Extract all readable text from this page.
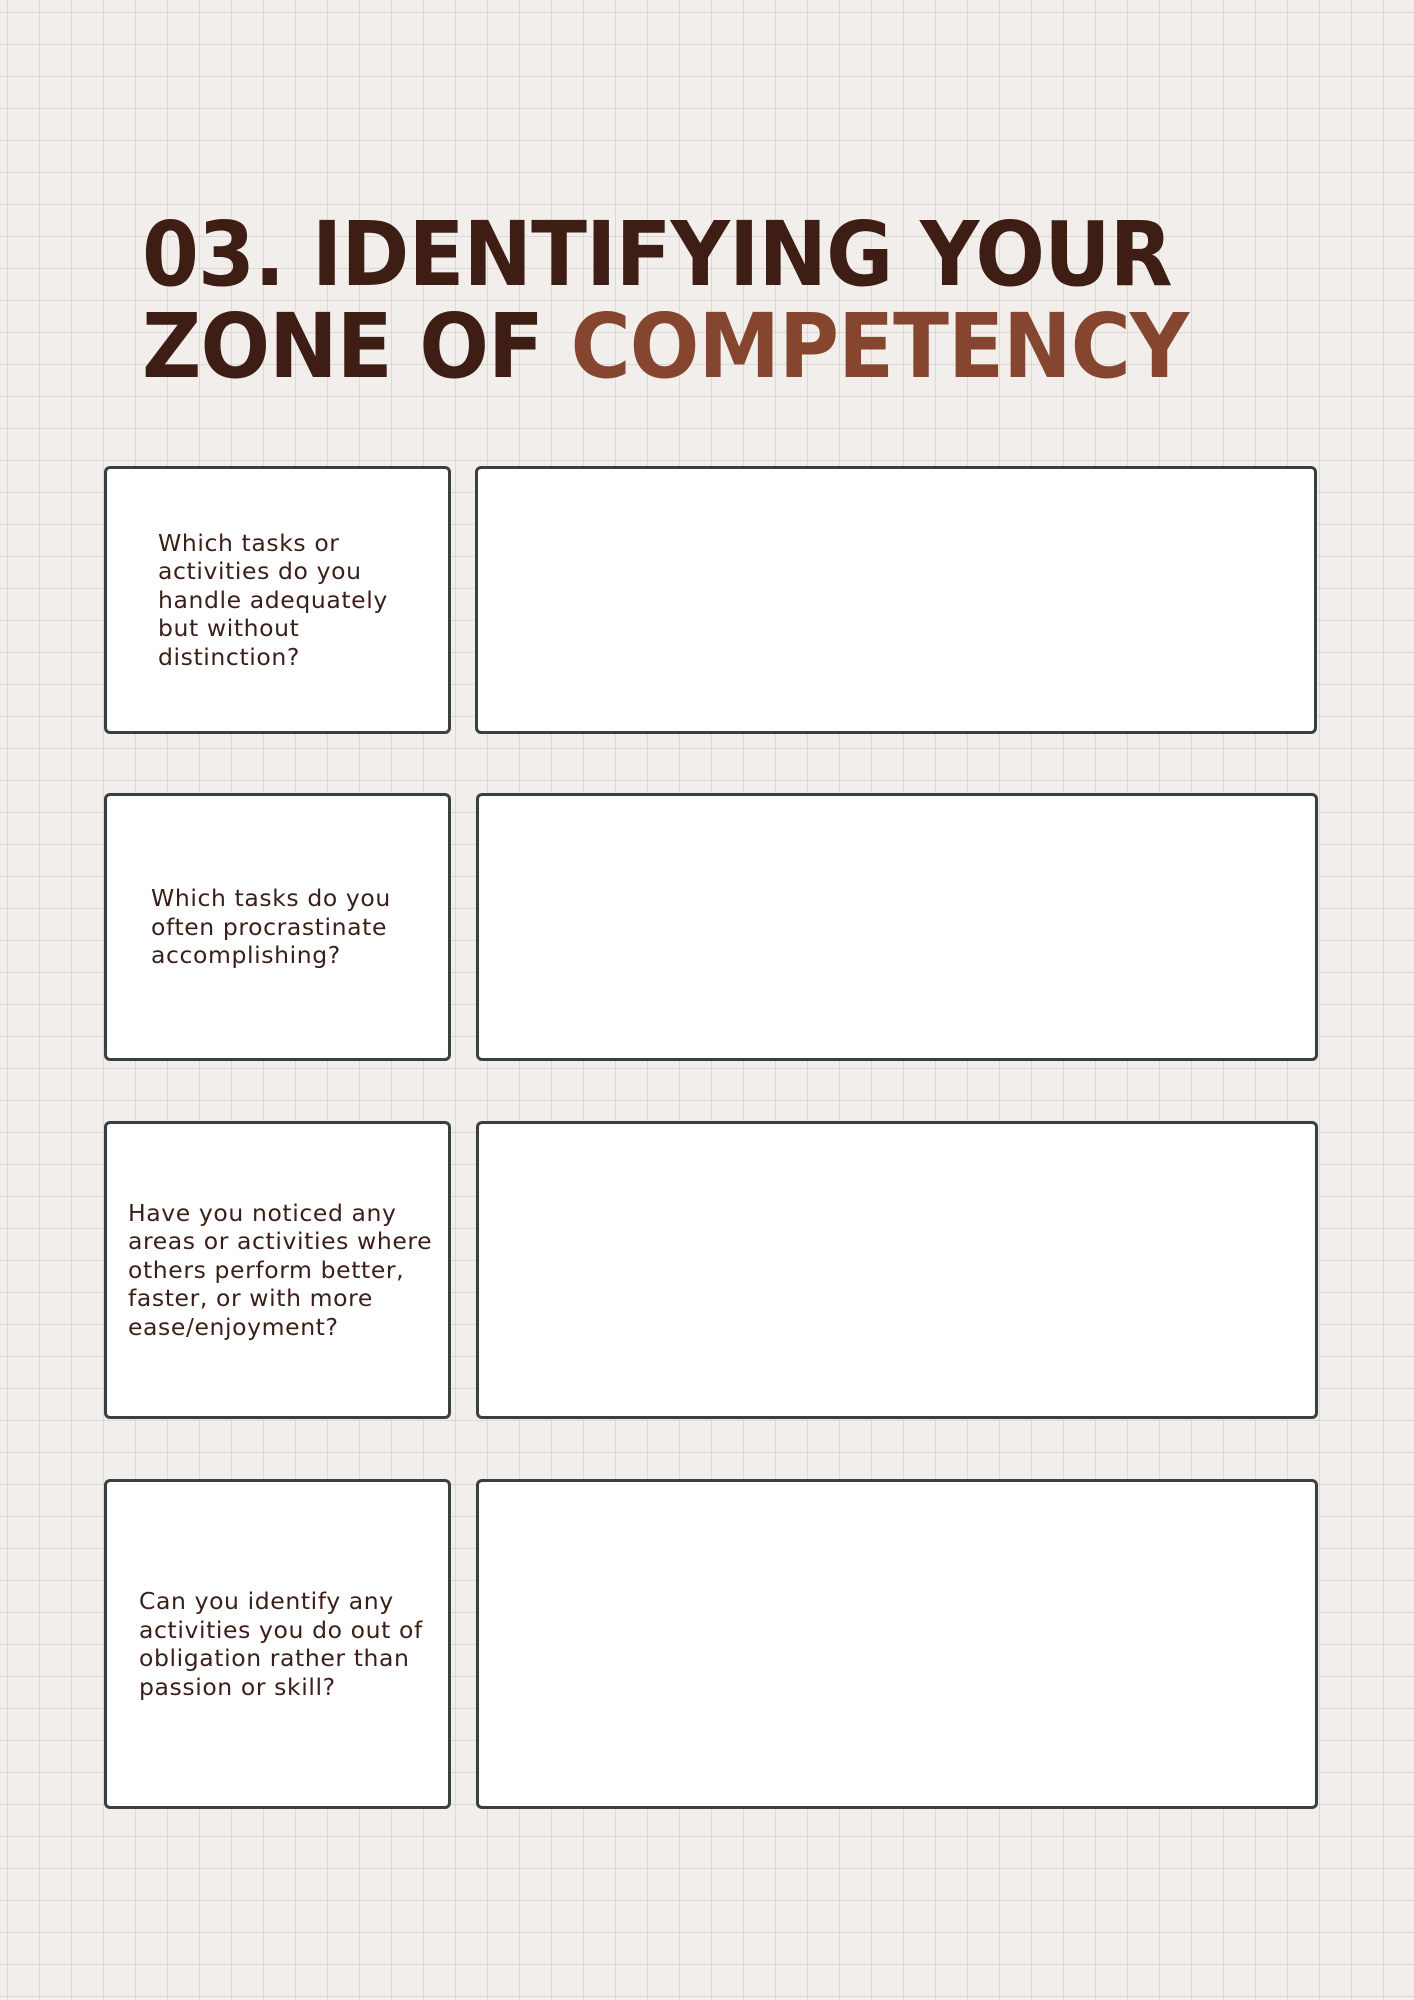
03. IDENTIFYING YOUR
ZONE OF COMPETENCY
Which tasks or activities do you handle adequately but without distinction?
Which tasks do you often procrastinate accomplishing?
Have you noticed any areas or activities where others perform better, faster, or with more ease/enjoyment?
Can you identify any activities you do out of obligation rather than passion or skill?
